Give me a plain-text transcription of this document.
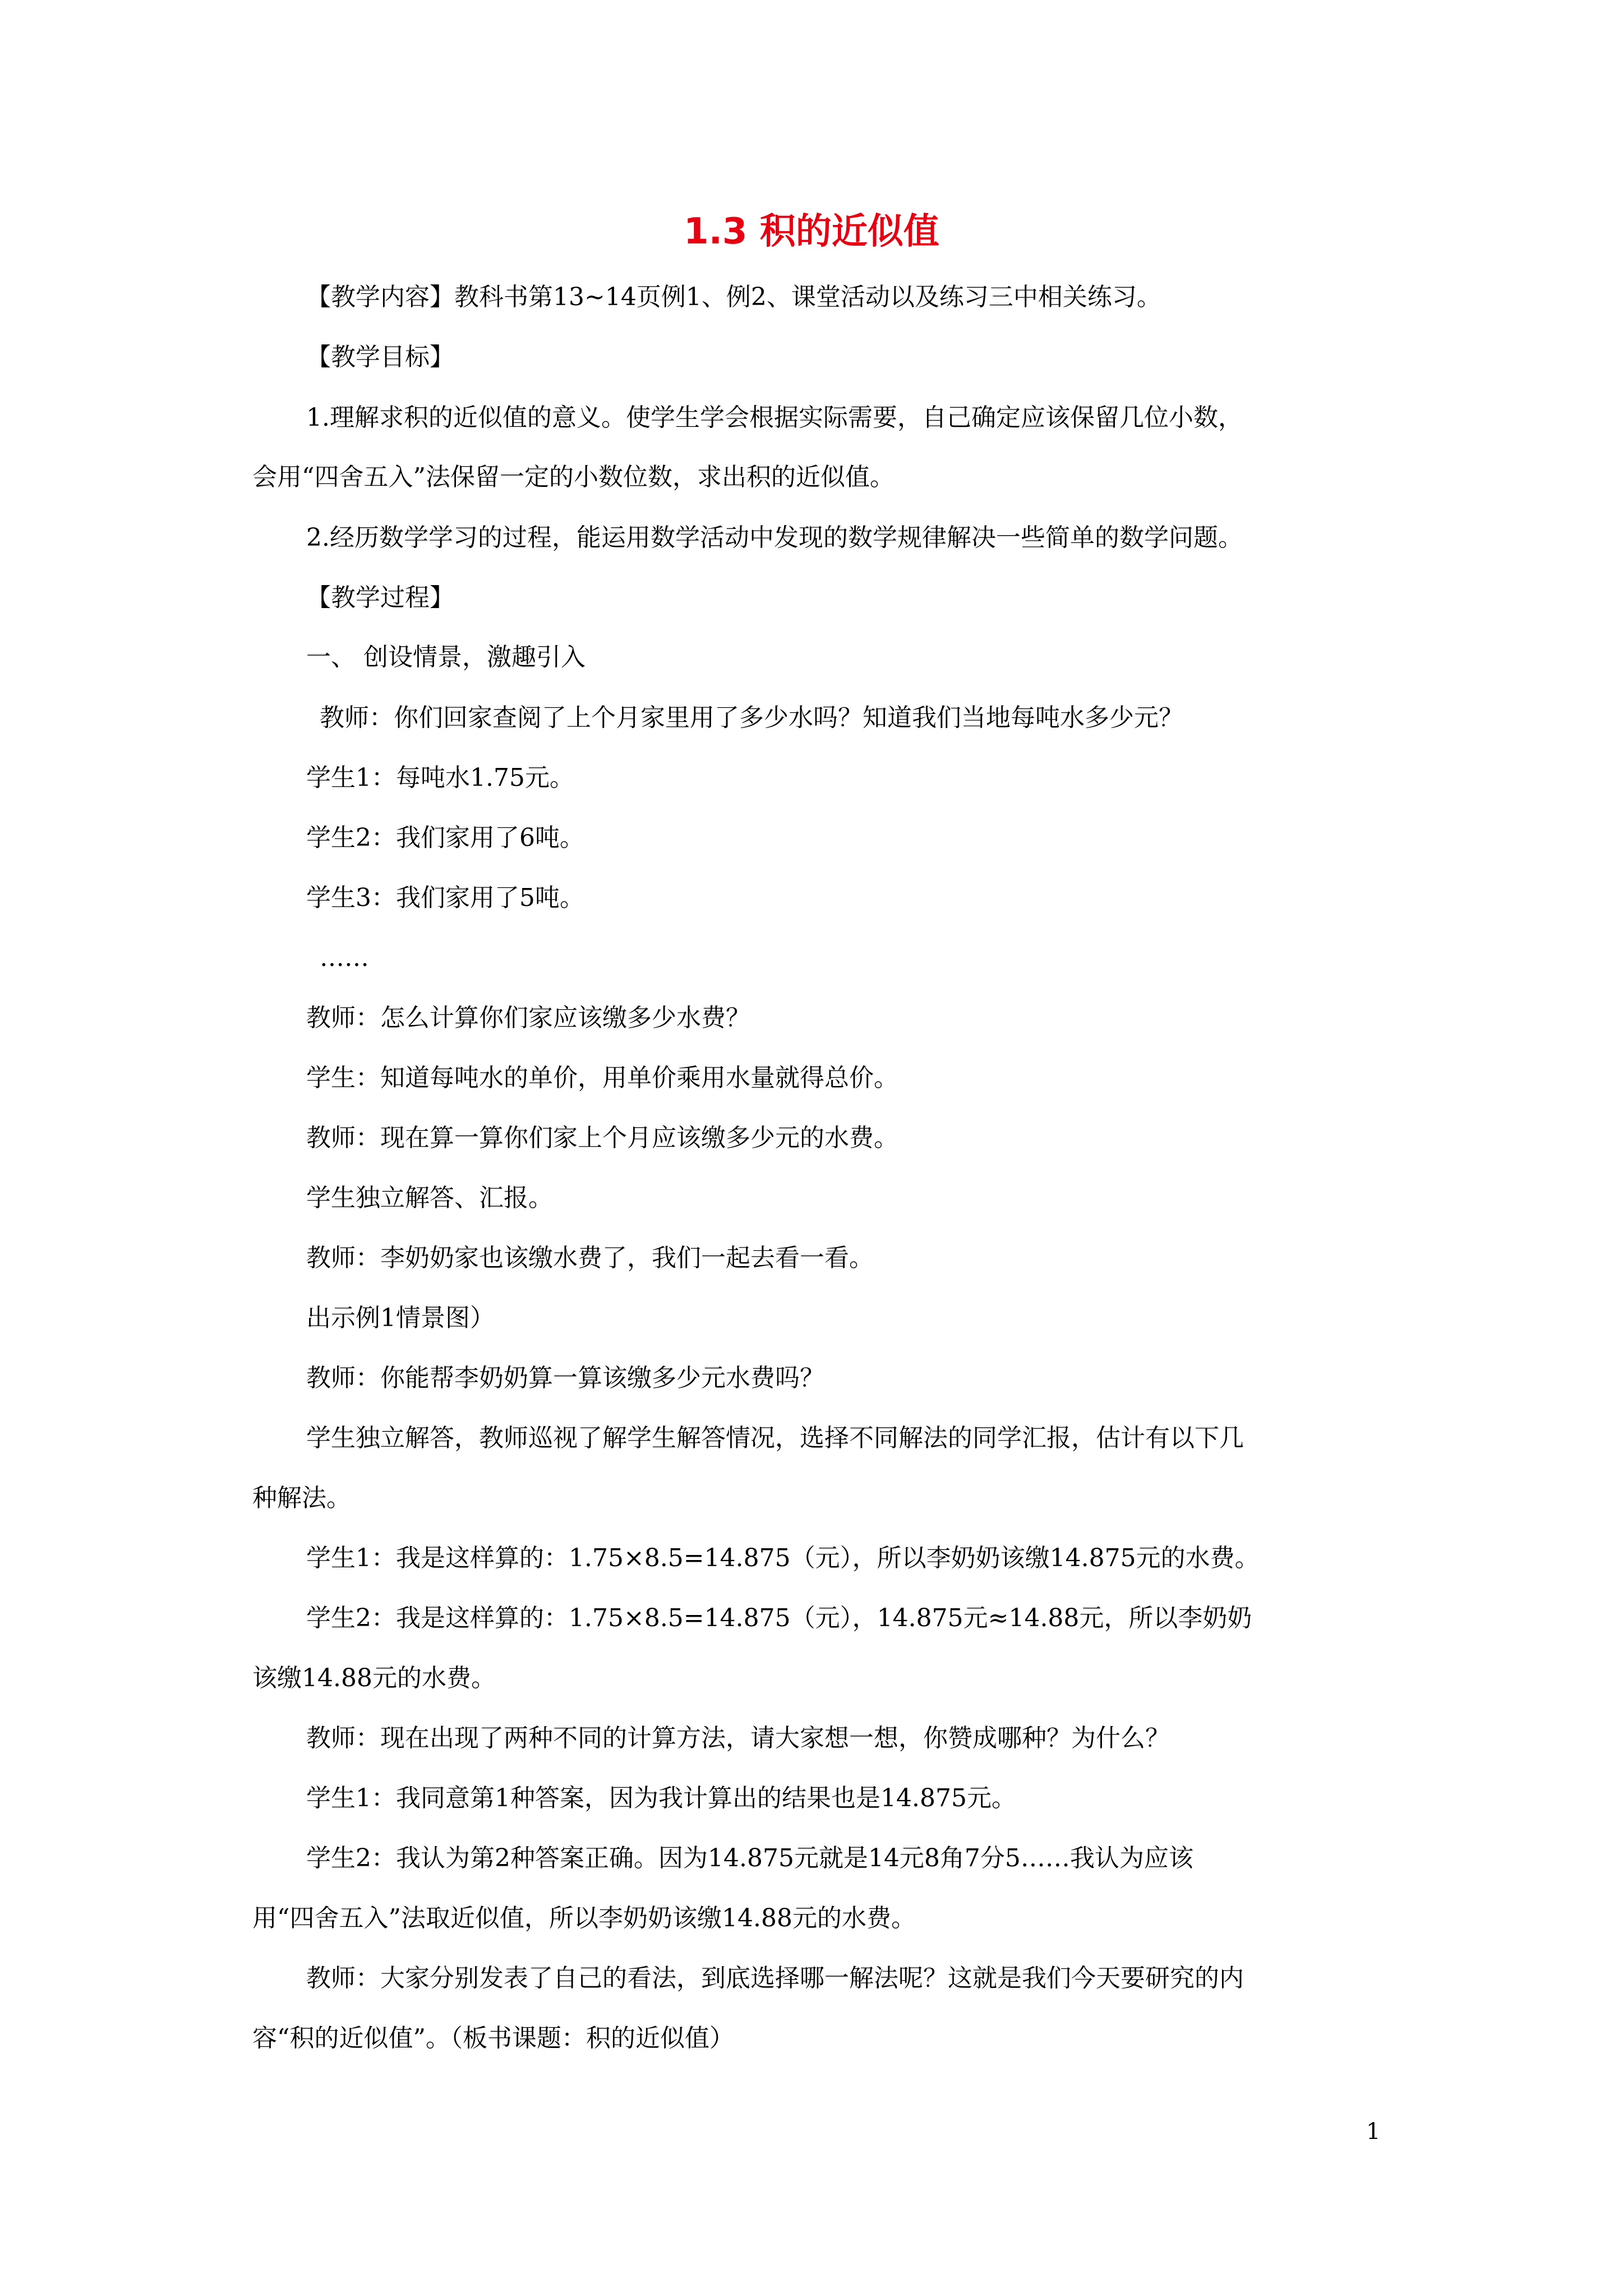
1.3 积的近似值
【教学内容】教科书第13~14页例1、例2、课堂活动以及练习三中相关练习。
【教学目标】
1.理解求积的近似值的意义。使学生学会根据实际需要，自己确定应该保留几位小数，
会用“四舍五入”法保留一定的小数位数，求出积的近似值。
2.经历数学学习的过程，能运用数学活动中发现的数学规律解决一些简单的数学问题。
【教学过程】
一、 创设情景，激趣引入
教师：你们回家查阅了上个月家里用了多少水吗？知道我们当地每吨水多少元？
学生1：每吨水1.75元。
学生2：我们家用了6吨。
学生3：我们家用了5吨。
……
教师：怎么计算你们家应该缴多少水费？
学生：知道每吨水的单价，用单价乘用水量就得总价。
教师：现在算一算你们家上个月应该缴多少元的水费。
学生独立解答、汇报。
教师：李奶奶家也该缴水费了，我们一起去看一看。
出示例1情景图）
教师：你能帮李奶奶算一算该缴多少元水费吗？
学生独立解答，教师巡视了解学生解答情况，选择不同解法的同学汇报，估计有以下几
种解法。
学生1：我是这样算的：1.75×8.5=14.875（元），所以李奶奶该缴14.875元的水费。
学生2：我是这样算的：1.75×8.5=14.875（元），14.875元≈14.88元，所以李奶奶
该缴14.88元的水费。
教师：现在出现了两种不同的计算方法，请大家想一想，你赞成哪种？为什么？
学生1：我同意第1种答案，因为我计算出的结果也是14.875元。
学生2：我认为第2种答案正确。因为14.875元就是14元8角7分5……我认为应该
用“四舍五入”法取近似值，所以李奶奶该缴14.88元的水费。
教师：大家分别发表了自己的看法，到底选择哪一解法呢？这就是我们今天要研究的内
容“积的近似值”。（板书课题：积的近似值）
1
